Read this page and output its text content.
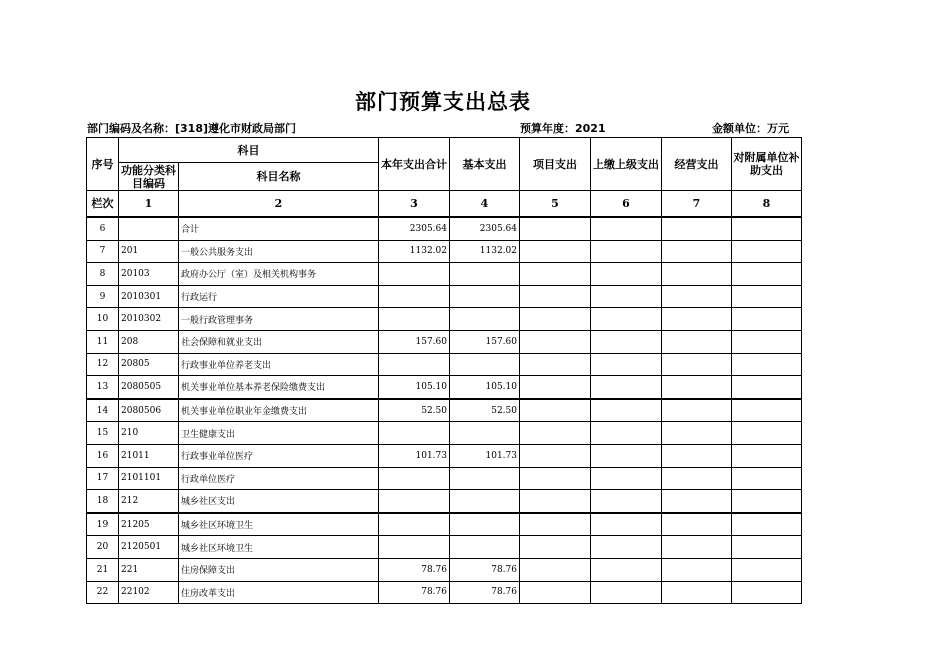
部门预算支出总表
部门编码及名称：[318]遵化市财政局部门	预算年度：2021	金额单位：万元
序号	科目		本年支出合计	基本支出	项目支出	上缴上级支出	经营支出	对附属单位补助支出
	功能分类科目编码	科目名称						
栏次	1	2	3	4	5	6	7	8
6		合计	2305.64	2305.64				
7	201	一般公共服务支出	1132.02	1132.02				
8	20103	政府办公厅（室）及相关机构事务						
9	2010301	行政运行						
10	2010302	一般行政管理事务						
11	208	社会保障和就业支出	157.60	157.60				
12	20805	行政事业单位养老支出						
13	2080505	机关事业单位基本养老保险缴费支出	105.10	105.10				
14	2080506	机关事业单位职业年金缴费支出	52.50	52.50				
15	210	卫生健康支出						
16	21011	行政事业单位医疗	101.73	101.73				
17	2101101	行政单位医疗						
18	212	城乡社区支出						
19	21205	城乡社区环境卫生						
20	2120501	城乡社区环境卫生						
21	221	住房保障支出	78.76	78.76				
22	22102	住房改革支出	78.76	78.76				
